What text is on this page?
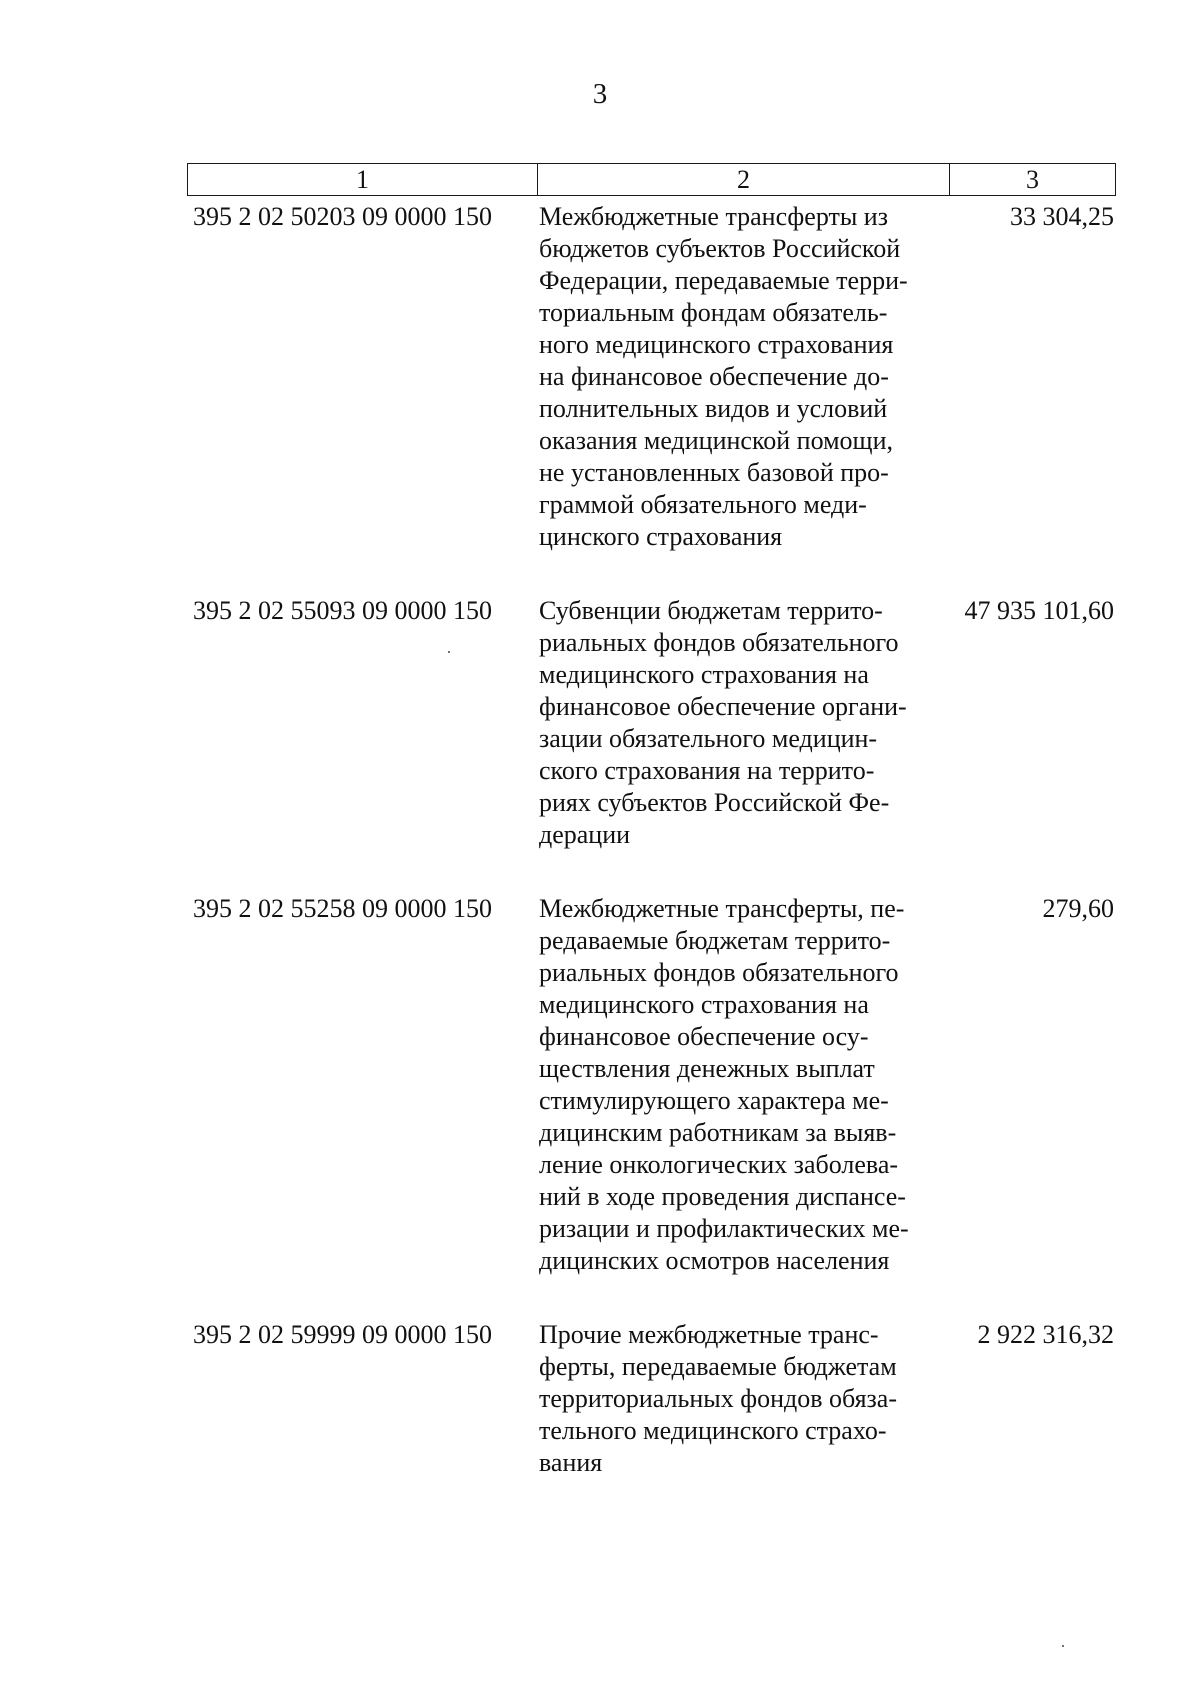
3
1	2	3
395 2 02 50203 09 0000 150	Межбюджетные трансферты из
бюджетов субъектов Российской
Федерации, передаваемые терри-
ториальным фондам обязатель-
ного медицинского страхования
на финансовое обеспечение до-
полнительных видов и условий
оказания медицинской помощи,
не установленных базовой про-
граммой обязательного меди-
цинского страхования
33 304,25
395 2 02 55093 09 0000 150	Субвенции бюджетам террито-
риальных фондов обязательного
медицинского страхования на
финансовое обеспечение органи-
зации обязательного медицин-
ского страхования на террито-
риях субъектов Российской Фе-
дерации
47 935 101,60
395 2 02 55258 09 0000 150	Межбюджетные трансферты, пе-
редаваемые бюджетам террито-
риальных фондов обязательного
медицинского страхования на
финансовое обеспечение осу-
ществления денежных выплат
стимулирующего характера ме-
дицинским работникам за выяв-
ление онкологических заболева-
ний в ходе проведения диспансе-
ризации и профилактических ме-
дицинских осмотров населения
279,60
395 2 02 59999 09 0000 150	Прочие межбюджетные транс-
ферты, передаваемые бюджетам
территориальных фондов обяза-
тельного медицинского страхо-
вания
2 922 316,32
